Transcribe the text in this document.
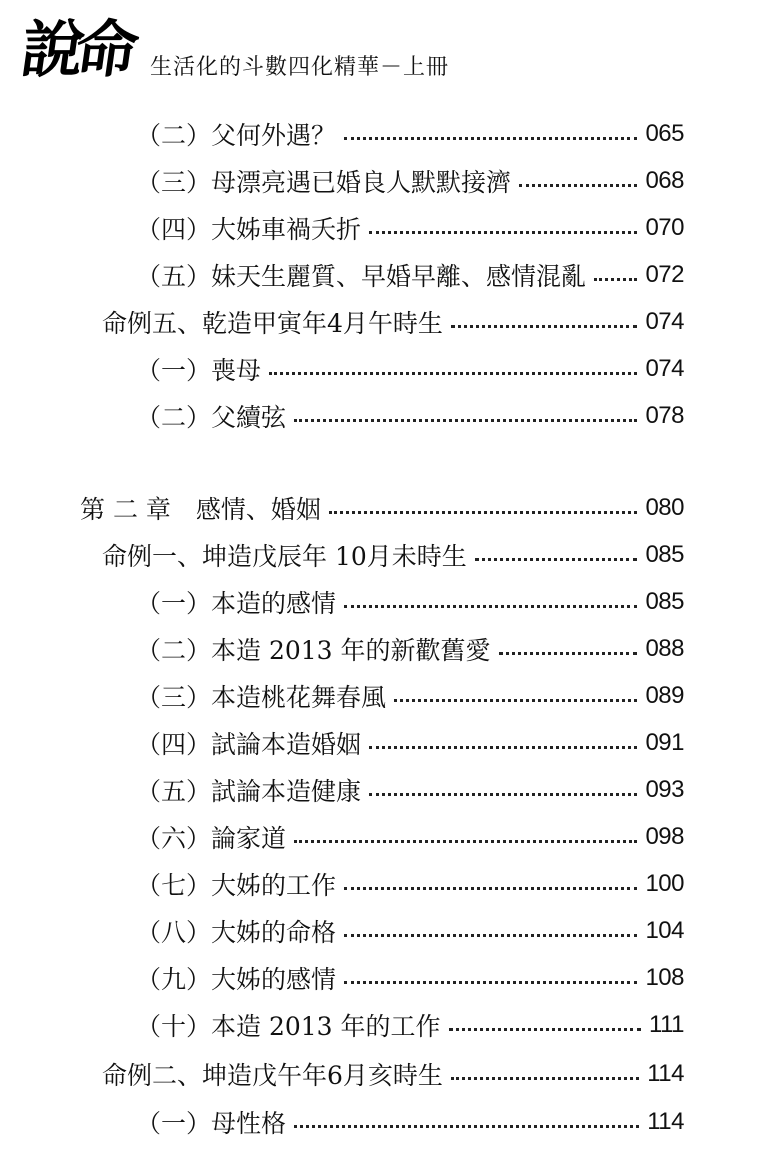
說命 生活化的斗數四化精華－上冊
（二）父何外遇？	065
（三）母漂亮遇已婚良人默默接濟	068
（四）大姊車禍夭折	070
（五）妹天生麗質、早婚早離、感情混亂 072
命例五、乾造甲寅年4月午時生	074
（一）喪母	074
（二）父續弦	078
第 二 章　感情、婚姻	080
命例一、坤造戊辰年 10月未時生	085
（一）本造的感情	085
（二）本造 2013 年的新歡舊愛	088
（三）本造桃花舞春風	089
（四）試論本造婚姻	091
（五）試論本造健康	093
（六）論家道	098
（七）大姊的工作	100
（八）大姊的命格	104
（九）大姊的感情	108
（十）本造 2013 年的工作	111
命例二、坤造戊午年6月亥時生	114
（一）母性格	114
